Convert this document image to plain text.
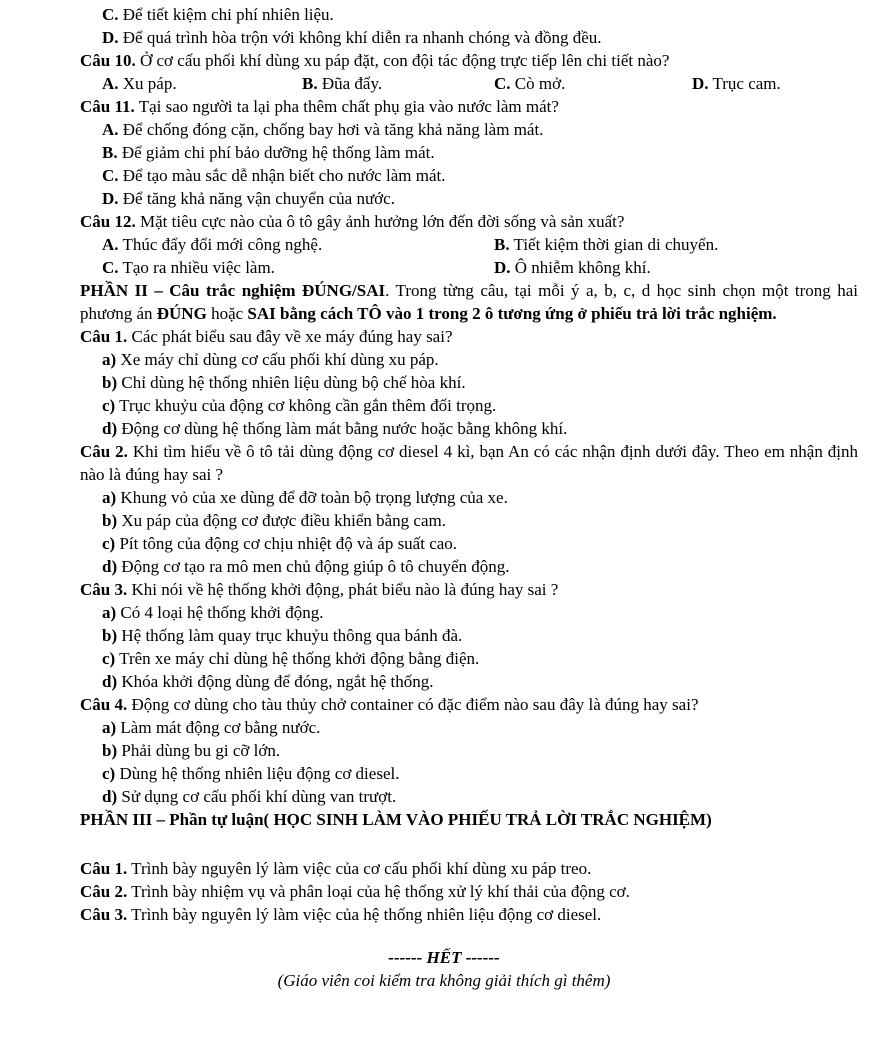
C. Để tiết kiệm chi phí nhiên liệu.
D. Để quá trình hòa trộn với không khí diễn ra nhanh chóng và đồng đều.
Câu 10. Ở cơ cấu phối khí dùng xu páp đặt, con đội tác động trực tiếp lên chi tiết nào?
A. Xu páp.	B. Đũa đẩy.	C. Cò mở.	D. Trục cam.
Câu 11. Tại sao người ta lại pha thêm chất phụ gia vào nước làm mát?
A. Để chống đóng cặn, chống bay hơi và tăng khả năng làm mát.
B. Để giảm chi phí bảo dưỡng hệ thống làm mát.
C. Để tạo màu sắc dễ nhận biết cho nước làm mát.
D. Để tăng khả năng vận chuyển của nước.
Câu 12. Mặt tiêu cực nào của ô tô gây ảnh hưởng lớn đến đời sống và sản xuất?
A. Thúc đẩy đổi mới công nghệ.	B. Tiết kiệm thời gian di chuyển.
C. Tạo ra nhiều việc làm.	D. Ô nhiễm không khí.
PHẦN II – Câu trắc nghiệm ĐÚNG/SAI. Trong từng câu, tại mỗi ý a, b, c, d học sinh chọn một trong hai phương án ĐÚNG hoặc SAI bằng cách TÔ vào 1 trong 2 ô tương ứng ở phiếu trả lời trắc nghiệm.
Câu 1. Các phát biểu sau đây về xe máy đúng hay sai?
a) Xe máy chỉ dùng cơ cấu phối khí dùng xu páp.
b) Chỉ dùng hệ thống nhiên liệu dùng bộ chế hòa khí.
c) Trục khuỷu của động cơ không cần gắn thêm đối trọng.
d) Động cơ dùng hệ thống làm mát bằng nước hoặc bằng không khí.
Câu 2. Khi tìm hiểu về ô tô tải dùng động cơ diesel 4 kì, bạn An có các nhận định dưới đây. Theo em nhận định nào là đúng hay sai ?
a) Khung vỏ của xe dùng để đỡ toàn bộ trọng lượng của xe.
b) Xu páp của động cơ được điều khiển bằng cam.
c) Pít tông của động cơ chịu nhiệt độ và áp suất cao.
d) Động cơ tạo ra mô men chủ động giúp ô tô chuyển động.
Câu 3. Khi nói về hệ thống khởi động, phát biểu nào là đúng hay sai ?
a) Có 4 loại hệ thống khởi động.
b) Hệ thống làm quay trục khuỷu thông qua bánh đà.
c) Trên xe máy chỉ dùng hệ thống khởi động bằng điện.
d) Khóa khởi động dùng để đóng, ngắt hệ thống.
Câu 4. Động cơ dùng cho tàu thủy chở container có đặc điểm nào sau đây là đúng hay sai?
a) Làm mát động cơ bằng nước.
b) Phải dùng bu gi cỡ lớn.
c) Dùng hệ thống nhiên liệu động cơ diesel.
d) Sử dụng cơ cấu phối khí dùng van trượt.
PHẦN III – Phần tự luận( HỌC SINH LÀM VÀO PHIẾU TRẢ LỜI TRẮC NGHIỆM)
Câu 1. Trình bày nguyên lý làm việc của cơ cấu phối khí dùng xu páp treo.
Câu 2. Trình bày nhiệm vụ và phân loại của hệ thống xử lý khí thải của động cơ.
Câu 3. Trình bày nguyên lý làm việc của hệ thống nhiên liệu động cơ diesel.
------ HẾT ------
(Giáo viên coi kiểm tra không giải thích gì thêm)
